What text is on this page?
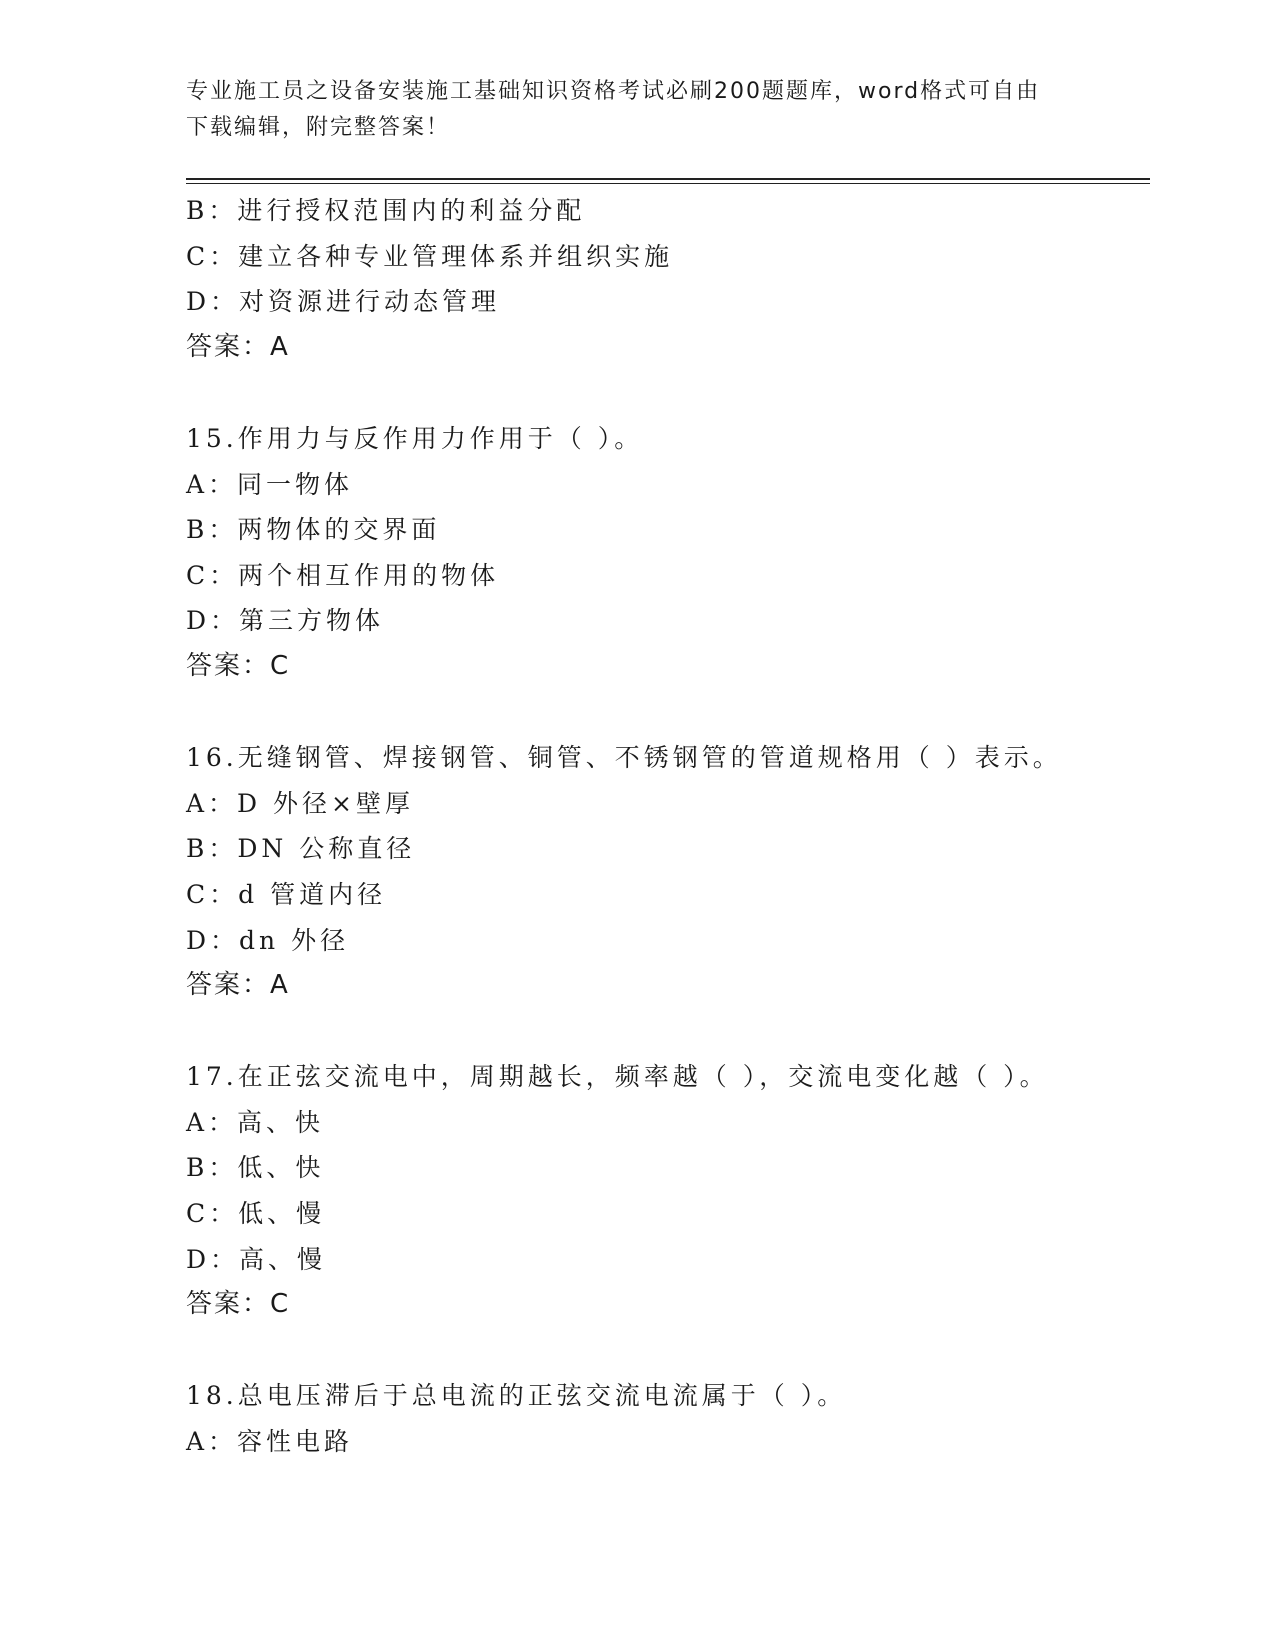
专业施工员之设备安装施工基础知识资格考试必刷200题题库，word格式可自由
下载编辑，附完整答案！
B：进行授权范围内的利益分配
C：建立各种专业管理体系并组织实施
D：对资源进行动态管理
答案：A
15.作用力与反作用力作用于（ ）。
A：同一物体
B：两物体的交界面
C：两个相互作用的物体
D：第三方物体
答案：C
16.无缝钢管、焊接钢管、铜管、不锈钢管的管道规格用（ ）表示。
A：D 外径×壁厚
B：DN 公称直径
C：d 管道内径
D：dn 外径
答案：A
17.在正弦交流电中，周期越长，频率越（ ），交流电变化越（ ）。
A：高、快
B：低、快
C：低、慢
D：高、慢
答案：C
18.总电压滞后于总电流的正弦交流电流属于（ ）。
A：容性电路
